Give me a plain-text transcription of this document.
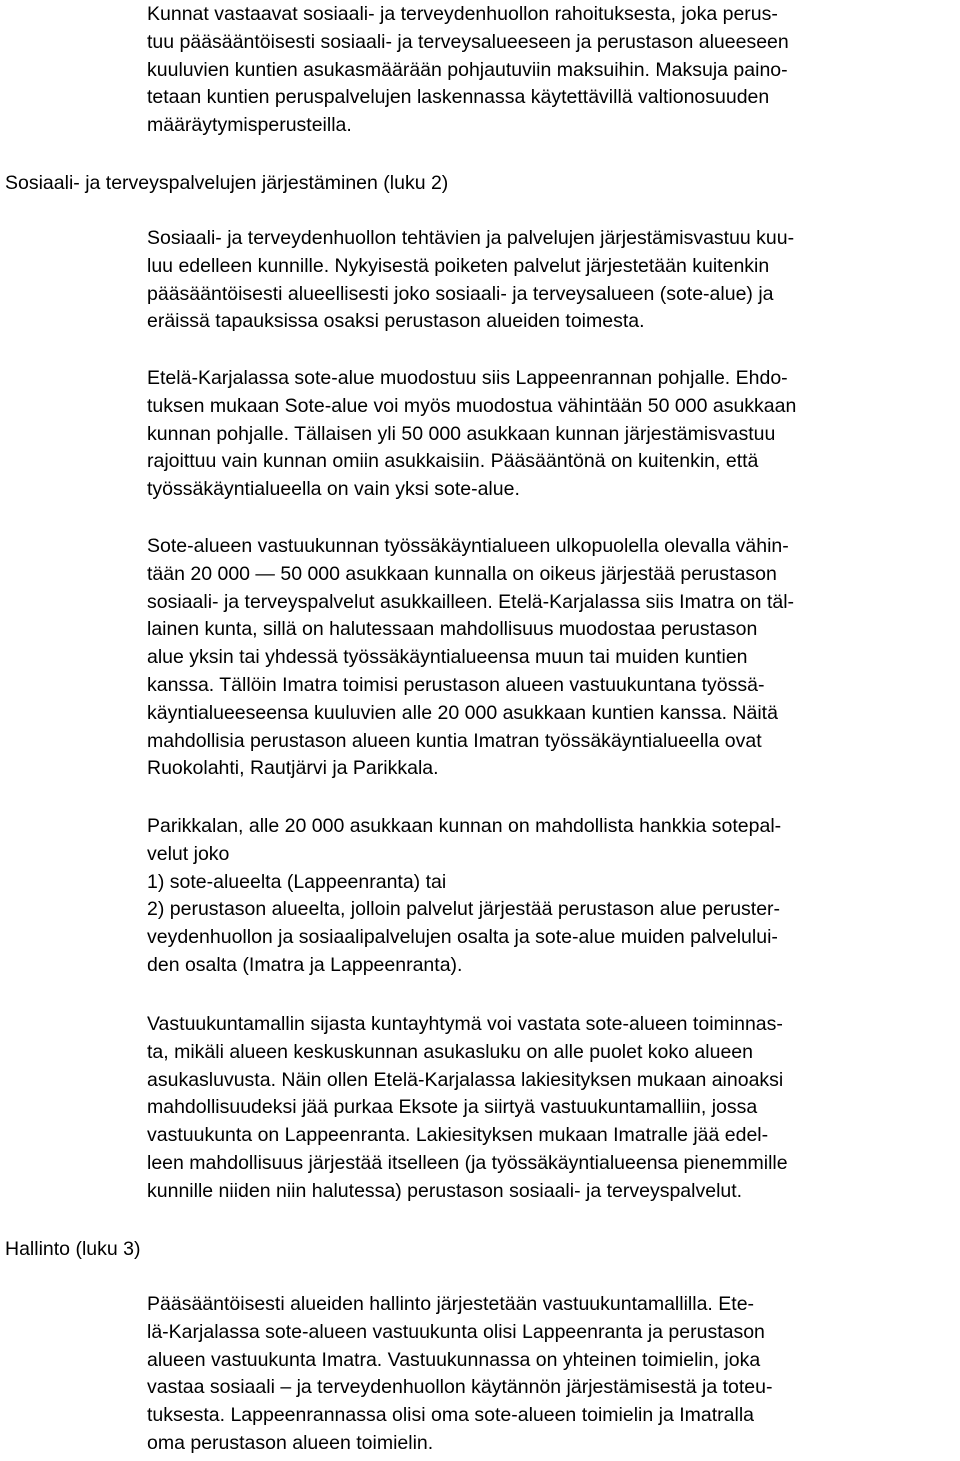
Kunnat vastaavat sosiaali- ja terveydenhuollon rahoituksesta, joka perus-
tuu pääsääntöisesti sosiaali- ja terveysalueeseen ja perustason alueeseen
kuuluvien kuntien asukasmäärään pohjautuviin maksuihin. Maksuja paino-
tetaan kuntien peruspalvelujen laskennassa käytettävillä valtionosuuden
määräytymisperusteilla.

Sosiaali- ja terveyspalvelujen järjestäminen (luku 2)

Sosiaali- ja terveydenhuollon tehtävien ja palvelujen järjestämisvastuu kuu-
luu edelleen kunnille. Nykyisestä poiketen palvelut järjestetään kuitenkin
pääsääntöisesti alueellisesti joko sosiaali- ja terveysalueen (sote-alue) ja
eräissä tapauksissa osaksi perustason alueiden toimesta.

Etelä-Karjalassa sote-alue muodostuu siis Lappeenrannan pohjalle. Ehdo-
tuksen mukaan Sote-alue voi myös muodostua vähintään 50 000 asukkaan
kunnan pohjalle. Tällaisen yli 50 000 asukkaan kunnan järjestämisvastuu
rajoittuu vain kunnan omiin asukkaisiin. Pääsääntönä on kuitenkin, että
työssäkäyntialueella on vain yksi sote-alue.

Sote-alueen vastuukunnan työssäkäyntialueen ulkopuolella olevalla vähin-
tään 20 000 — 50 000 asukkaan kunnalla on oikeus järjestää perustason
sosiaali- ja terveyspalvelut asukkailleen. Etelä-Karjalassa siis Imatra on täl-
lainen kunta, sillä on halutessaan mahdollisuus muodostaa perustason
alue yksin tai yhdessä työssäkäyntialueensa muun tai muiden kuntien
kanssa. Tällöin Imatra toimisi perustason alueen vastuukuntana työssä-
käyntialueeseensa kuuluvien alle 20 000 asukkaan kuntien kanssa. Näitä
mahdollisia perustason alueen kuntia Imatran työssäkäyntialueella ovat
Ruokolahti, Rautjärvi ja Parikkala.

Parikkalan, alle 20 000 asukkaan kunnan on mahdollista hankkia sotepal-
velut joko
1) sote-alueelta (Lappeenranta) tai
2) perustason alueelta, jolloin palvelut järjestää perustason alue peruster-
veydenhuollon ja sosiaalipalvelujen osalta ja sote-alue muiden palvelului-
den osalta (Imatra ja Lappeenranta).

Vastuukuntamallin sijasta kuntayhtymä voi vastata sote-alueen toiminnas-
ta, mikäli alueen keskuskunnan asukasluku on alle puolet koko alueen
asukasluvusta. Näin ollen Etelä-Karjalassa lakiesityksen mukaan ainoaksi
mahdollisuudeksi jää purkaa Eksote ja siirtyä vastuukuntamalliin, jossa
vastuukunta on Lappeenranta. Lakiesityksen mukaan Imatralle jää edel-
leen mahdollisuus järjestää itselleen (ja työssäkäyntialueensa pienemmille
kunnille niiden niin halutessa) perustason sosiaali- ja terveyspalvelut.

Hallinto (luku 3)

Pääsääntöisesti alueiden hallinto järjestetään vastuukuntamallilla. Ete-
lä-Karjalassa sote-alueen vastuukunta olisi Lappeenranta ja perustason
alueen vastuukunta Imatra. Vastuukunnassa on yhteinen toimielin, joka
vastaa sosiaali – ja terveydenhuollon käytännön järjestämisestä ja toteu-
tuksesta. Lappeenrannassa olisi oma sote-alueen toimielin ja Imatralla
oma perustason alueen toimielin.
